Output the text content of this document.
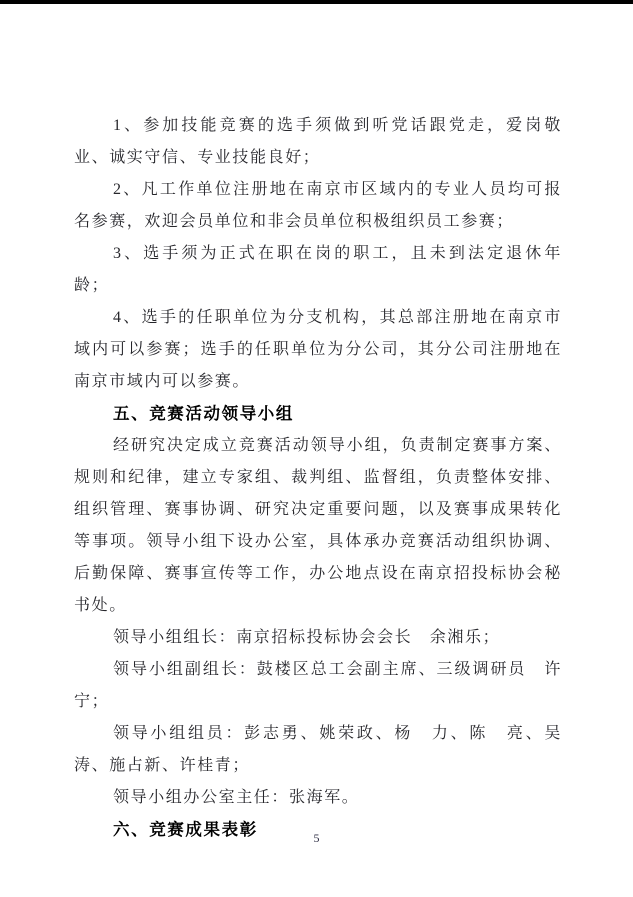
1、参加技能竞赛的选手须做到听党话跟党走，爱岗敬业、诚实守信、专业技能良好；

2、凡工作单位注册地在南京市区域内的专业人员均可报名参赛，欢迎会员单位和非会员单位积极组织员工参赛；

3、选手须为正式在职在岗的职工，且未到法定退休年龄；

4、选手的任职单位为分支机构，其总部注册地在南京市域内可以参赛；选手的任职单位为分公司，其分公司注册地在南京市域内可以参赛。

五、竞赛活动领导小组

经研究决定成立竞赛活动领导小组，负责制定赛事方案、规则和纪律，建立专家组、裁判组、监督组，负责整体安排、组织管理、赛事协调、研究决定重要问题，以及赛事成果转化等事项。领导小组下设办公室，具体承办竞赛活动组织协调、后勤保障、赛事宣传等工作，办公地点设在南京招投标协会秘书处。

领导小组组长：南京招标投标协会会长　余湘乐；

领导小组副组长：鼓楼区总工会副主席、三级调研员　许宁；

领导小组组员：彭志勇、姚荣政、杨　力、陈　亮、吴　涛、施占新、许桂青；

领导小组办公室主任：张海军。

六、竞赛成果表彰	5
